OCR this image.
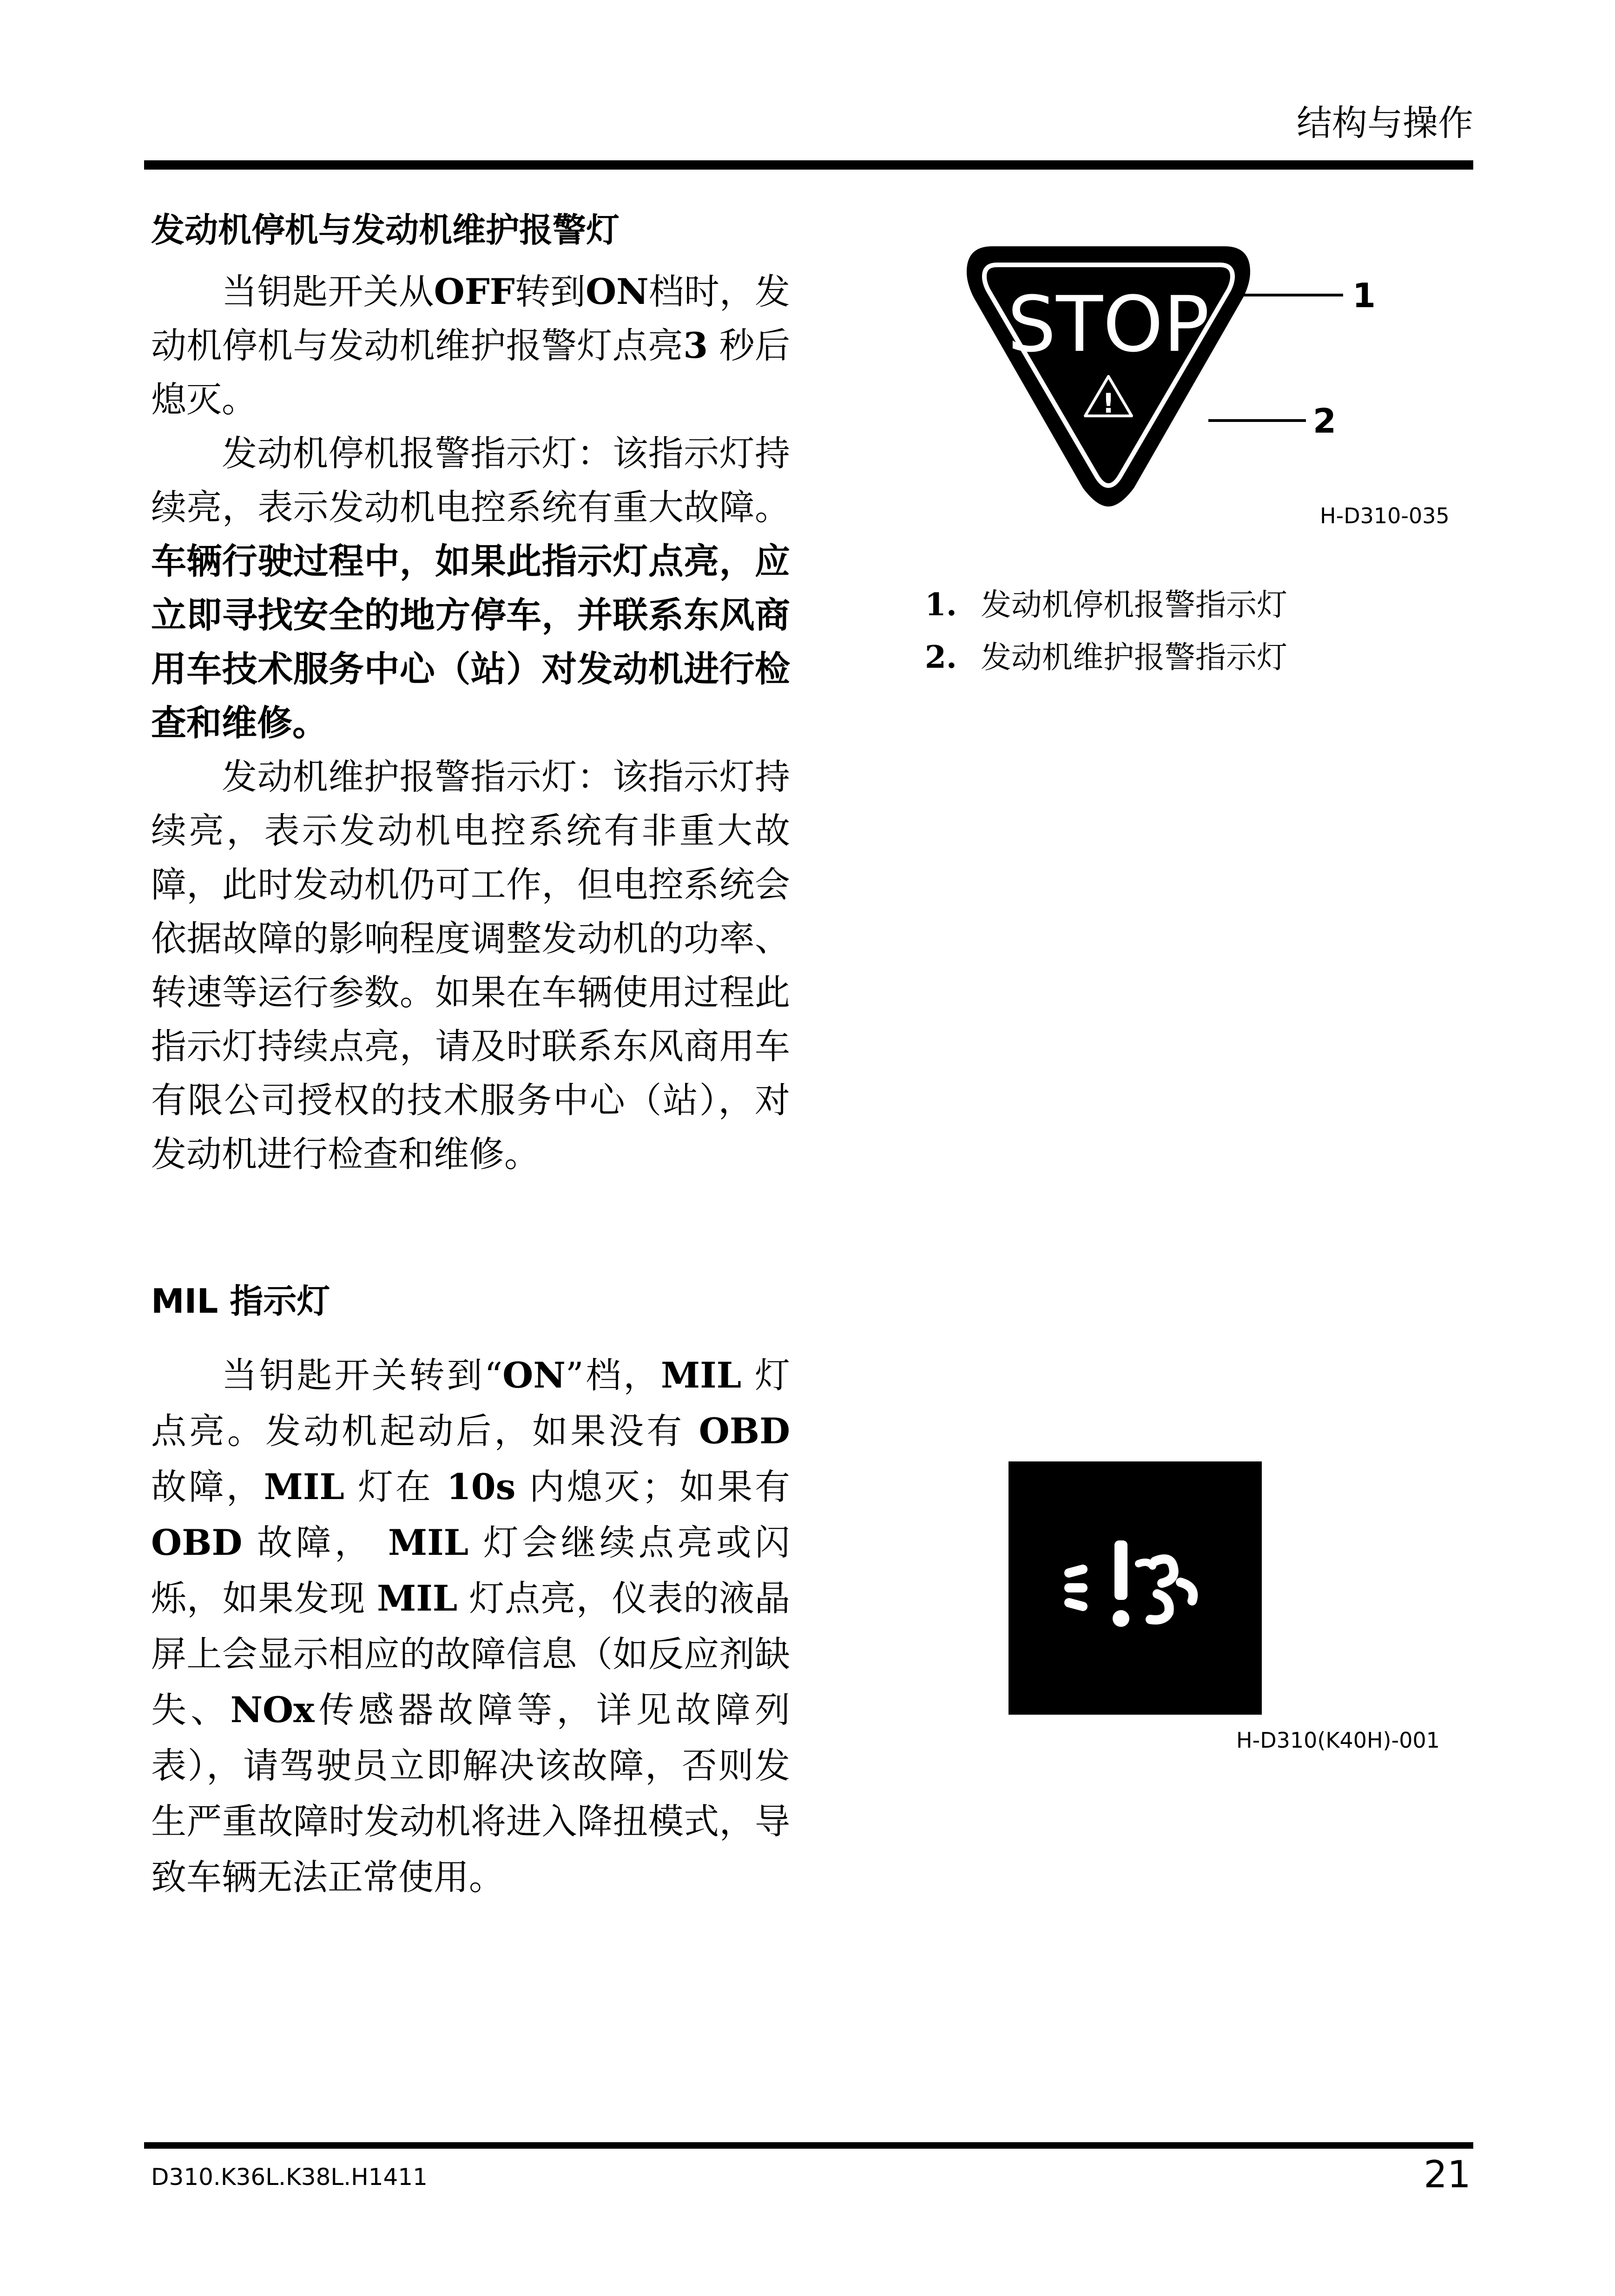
结构与操作
发动机停机与发动机维护报警灯

当钥匙开关从OFF转到ON档时，发动机停机与发动机维护报警灯点亮3 秒后熄灭。

发动机停机报警指示灯：该指示灯持续亮，表示发动机电控系统有重大故障。车辆行驶过程中，如果此指示灯点亮，应立即寻找安全的地方停车，并联系东风商用车技术服务中心（站）对发动机进行检查和维修。

发动机维护报警指示灯：该指示灯持续亮，表示发动机电控系统有非重大故障，此时发动机仍可工作，但电控系统会依据故障的影响程度调整发动机的功率、转速等运行参数。如果在车辆使用过程此指示灯持续点亮，请及时联系东风商用车有限公司授权的技术服务中心（站），对发动机进行检查和维修。

MIL 指示灯

当钥匙开关转到“ON”档，MIL 灯点亮。发动机起动后，如果没有 OBD 故障，MIL 灯在 10s 内熄灭；如果有 OBD 故障， MIL 灯会继续点亮或闪烁，如果发现 MIL 灯点亮，仪表的液晶屏上会显示相应的故障信息（如反应剂缺失、NOx传感器故障等，详见故障列表），请驾驶员立即解决该故障，否则发生严重故障时发动机将进入降扭模式，导致车辆无法正常使用。

STOP
!
1
2
H-D310-035
1. 发动机停机报警指示灯
2. 发动机维护报警指示灯
H-D310(K40H)-001
D310.K36L.K38L.H1411	21
